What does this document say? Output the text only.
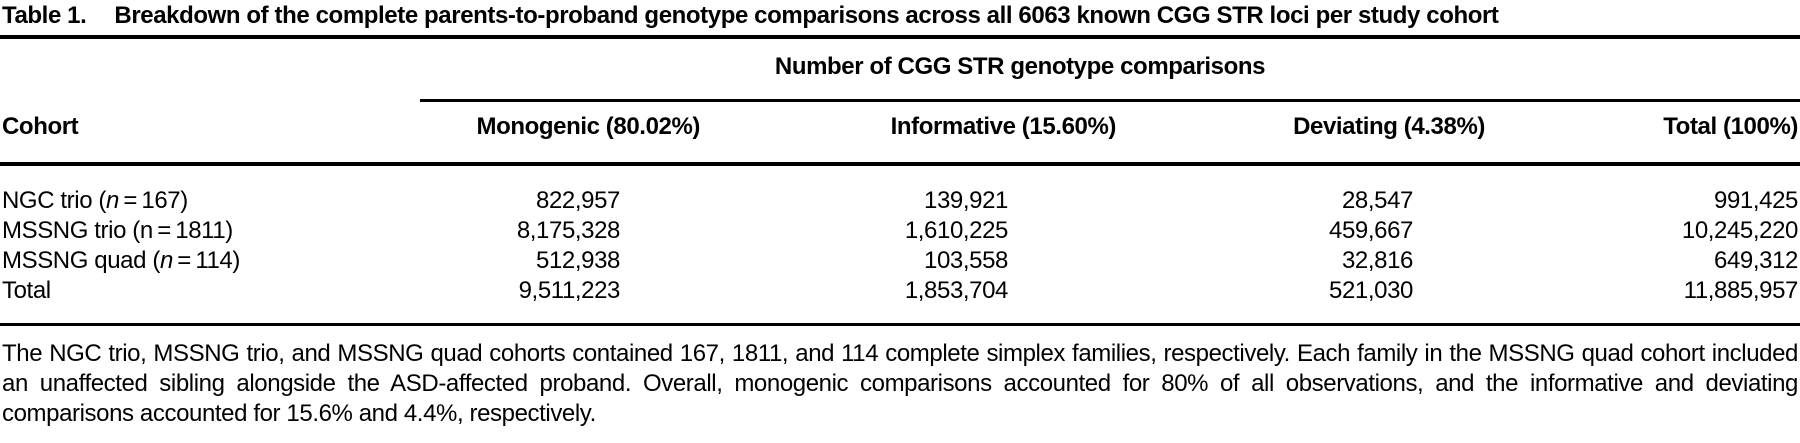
Table 1. Breakdown of the complete parents-to-proband genotype comparisons across all 6063 known CGG STR loci per study cohort
Number of CGG STR genotype comparisons
Cohort	Monogenic (80.02%)	Informative (15.60%)	Deviating (4.38%)	Total (100%)
NGC trio (n = 167)	822,957	139,921	28,547	991,425
MSSNG trio (n = 1811)	8,175,328	1,610,225	459,667	10,245,220
MSSNG quad (n = 114)	512,938	103,558	32,816	649,312
Total	9,511,223	1,853,704	521,030	11,885,957

The NGC trio, MSSNG trio, and MSSNG quad cohorts contained 167, 1811, and 114 complete simplex families, respectively. Each family in the MSSNG quad cohort included an unaffected sibling alongside the ASD-affected proband. Overall, monogenic comparisons accounted for 80% of all observations, and the informative and deviating comparisons accounted for 15.6% and 4.4%, respectively.
